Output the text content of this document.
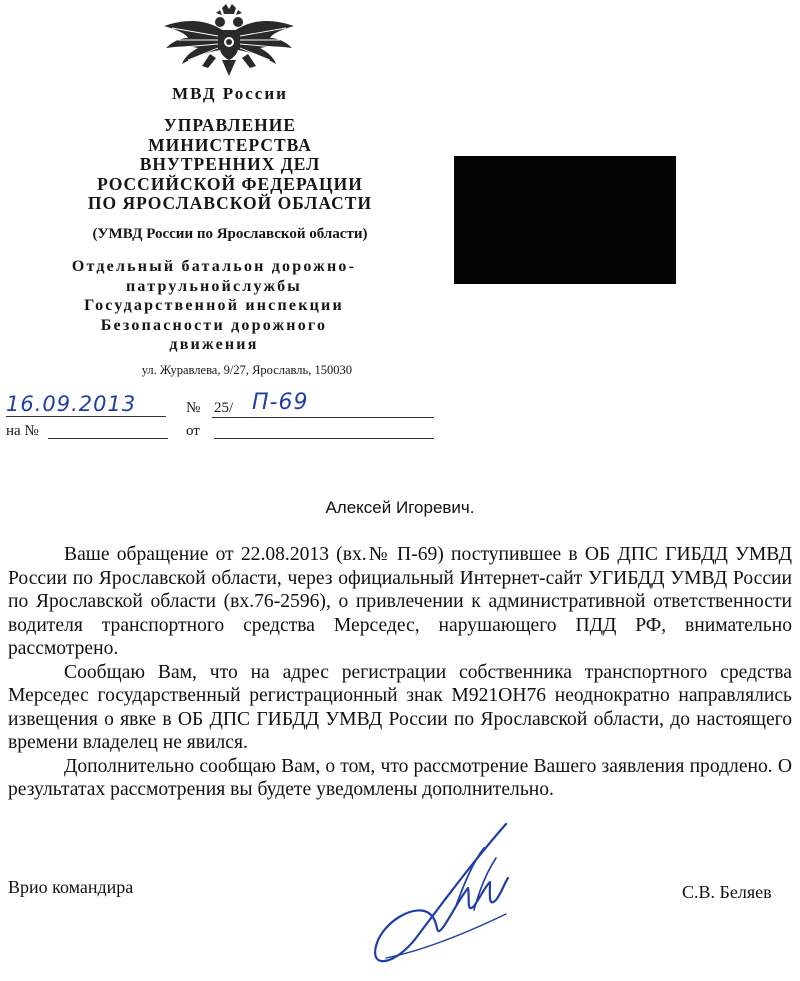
МВД России
УПРАВЛЕНИЕ
МИНИСТЕРСТВА
ВНУТРЕННИХ ДЕЛ
РОССИЙСКОЙ ФЕДЕРАЦИИ
ПО ЯРОСЛАВСКОЙ ОБЛАСТИ
(УМВД России по Ярославской области)
Отдельный батальон дорожно-
патрульнойслужбы
Государственной инспекции
Безопасности дорожного
движения
ул. Журавлева, 9/27, Ярославль, 150030
16.09.2013	№ 25/ П-69
на №	от
Алексей Игоревич.

Ваше обращение от 22.08.2013 (вх.№ П-69) поступившее в ОБ ДПС ГИБДД УМВД России по Ярославской области, через официальный Интернет-сайт УГИБДД УМВД России по Ярославской области (вх.76-2596), о привлечении к административной ответственности водителя транспортного средства Мерседес, нарушающего ПДД РФ, внимательно рассмотрено.

Сообщаю Вам, что на адрес регистрации собственника транспортного средства Мерседес государственный регистрационный знак М921ОН76 неоднократно направлялись извещения о явке в ОБ ДПС ГИБДД УМВД России по Ярославской области, до настоящего времени владелец не явился.

Дополнительно сообщаю Вам, о том, что рассмотрение Вашего заявления продлено. О результатах рассмотрения вы будете уведомлены дополнительно.

Врио командира	С.В. Беляев
